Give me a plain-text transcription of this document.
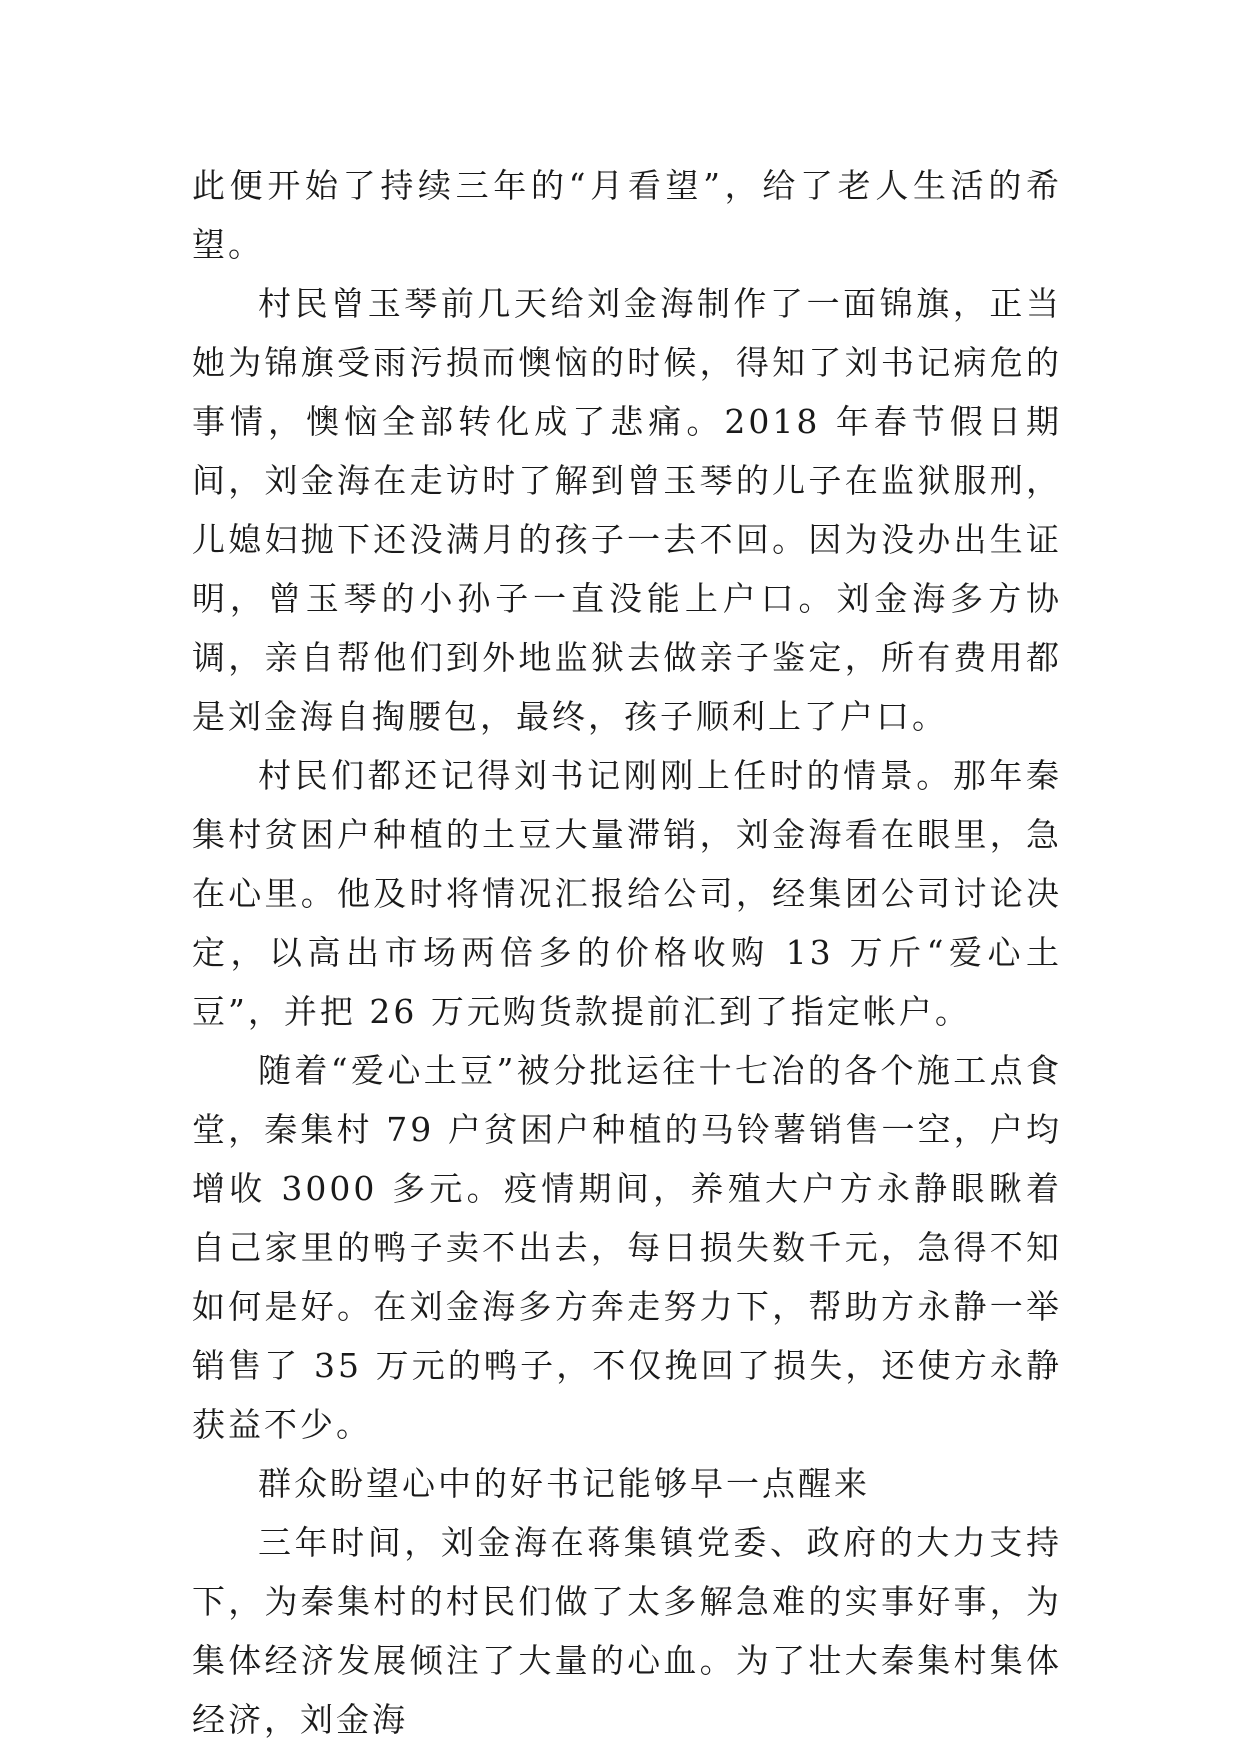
此便开始了持续三年的“月看望”，给了老人生活的希望。

村民曾玉琴前几天给刘金海制作了一面锦旗，正当她为锦旗受雨污损而懊恼的时候，得知了刘书记病危的事情，懊恼全部转化成了悲痛。2018 年春节假日期间，刘金海在走访时了解到曾玉琴的儿子在监狱服刑，儿媳妇抛下还没满月的孩子一去不回。因为没办出生证明，曾玉琴的小孙子一直没能上户口。刘金海多方协调，亲自帮他们到外地监狱去做亲子鉴定，所有费用都是刘金海自掏腰包，最终，孩子顺利上了户口。

村民们都还记得刘书记刚刚上任时的情景。那年秦集村贫困户种植的土豆大量滞销，刘金海看在眼里，急在心里。他及时将情况汇报给公司，经集团公司讨论决定，以高出市场两倍多的价格收购 13 万斤“爱心土豆”，并把 26 万元购货款提前汇到了指定帐户。

随着“爱心土豆”被分批运往十七冶的各个施工点食堂，秦集村 79 户贫困户种植的马铃薯销售一空，户均增收 3000 多元。疫情期间，养殖大户方永静眼瞅着自己家里的鸭子卖不出去，每日损失数千元，急得不知如何是好。在刘金海多方奔走努力下，帮助方永静一举销售了 35 万元的鸭子，不仅挽回了损失，还使方永静获益不少。

群众盼望心中的好书记能够早一点醒来

三年时间，刘金海在蒋集镇党委、政府的大力支持下，为秦集村的村民们做了太多解急难的实事好事，为集体经济发展倾注了大量的心血。为了壮大秦集村集体经济，刘金海
